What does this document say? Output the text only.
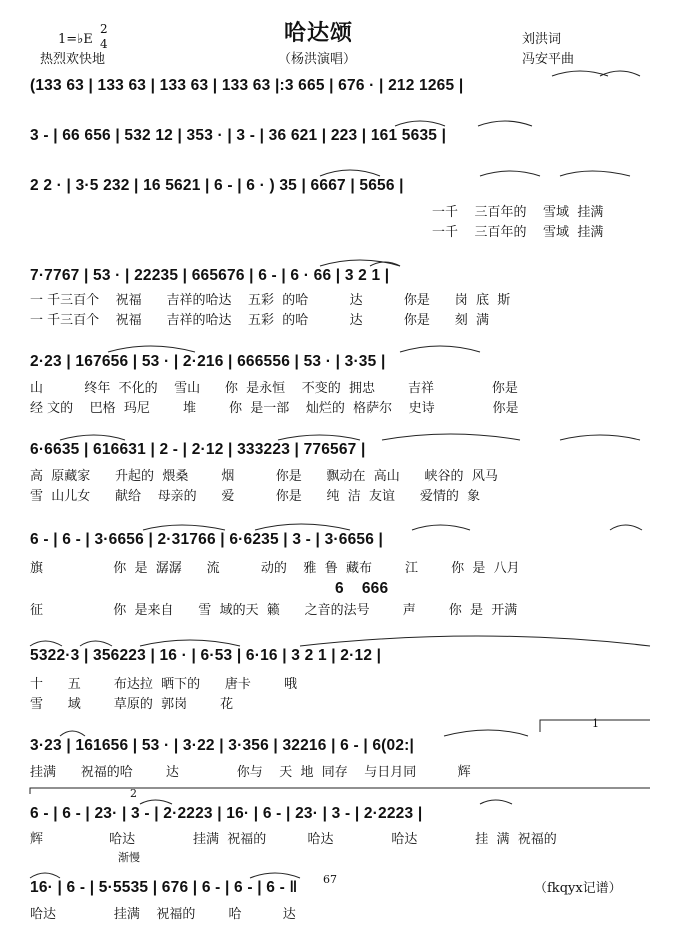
1=♭E
2
4
热烈欢快地
哈达颂
（杨洪演唱）
刘洪词
冯安平曲
(133 63 | 133 63 | 133 63 | 133 63 |:3 665 | 676 · | 212 1265 |
3 - | 66 656 | 532 12 | 353 · | 3 - | 36 621 | 223 | 161 5635 |
2 2 · | 3·5 232 | 16 5621 | 6 - | 6 · ) 35 | 6667 | 5656 |
一千    三百年的    雪域  挂满
一千    三百年的    雪域  挂满
7·7767 | 53 · | 22235 | 665676 | 6 - | 6 · 66 | 3 2 1 |
一 千三百个    祝福      吉祥的哈达    五彩  的哈          达          你是      岗  底  斯
一 千三百个    祝福      吉祥的哈达    五彩  的哈          达          你是      刻  满
2·23 | 167656 | 53 · | 2·216 | 666556 | 53 · | 3·35 |
山          终年  不化的    雪山      你  是永恒    不变的  拥忠        吉祥              你是
经 文的    巴格  玛尼        堆        你  是一部    灿烂的  格萨尔    史诗              你是
6·6635 | 616631 | 2 - | 2·12 | 333223 | 776567 |
高  原藏家      升起的  煨桑        烟          你是      飘动在  高山      峡谷的  风马
雪  山儿女      献给    母亲的      爱          你是      纯  洁  友谊      爱情的  象
6 - | 6 - | 3·6656 | 2·31766 | 6·6235 | 3 - | 3·6656 |
旗                 你  是  潺潺      流          动的    雅  鲁  藏布        江        你  是  八月
6    666
征                 你  是来自      雪  域的天  籁      之音的法号        声        你  是  开满
5322·3 | 356223 | 16 · | 6·53 | 6·16 | 3 2 1 | 2·12 |
十      五        布达拉  晒下的      唐卡        哦
雪      域        草原的  郭岗        花
1
3·23 | 161656 | 53 · | 3·22 | 3·356 | 32216 | 6 - | 6(02:|
挂满      祝福的哈        达              你与    天  地  同存    与日月同          辉
2
6 - | 6 - | 23· | 3 - | 2·2223 | 16· | 6 - | 23· | 3 - | 2·2223 |
辉                哈达              挂满  祝福的          哈达              哈达              挂  满  祝福的
渐慢
67
16· | 6 - | 5·5535 | 676 | 6 - | 6 - | 6 - ‖
哈达              挂满    祝福的        哈          达
（fkqyx记谱）
